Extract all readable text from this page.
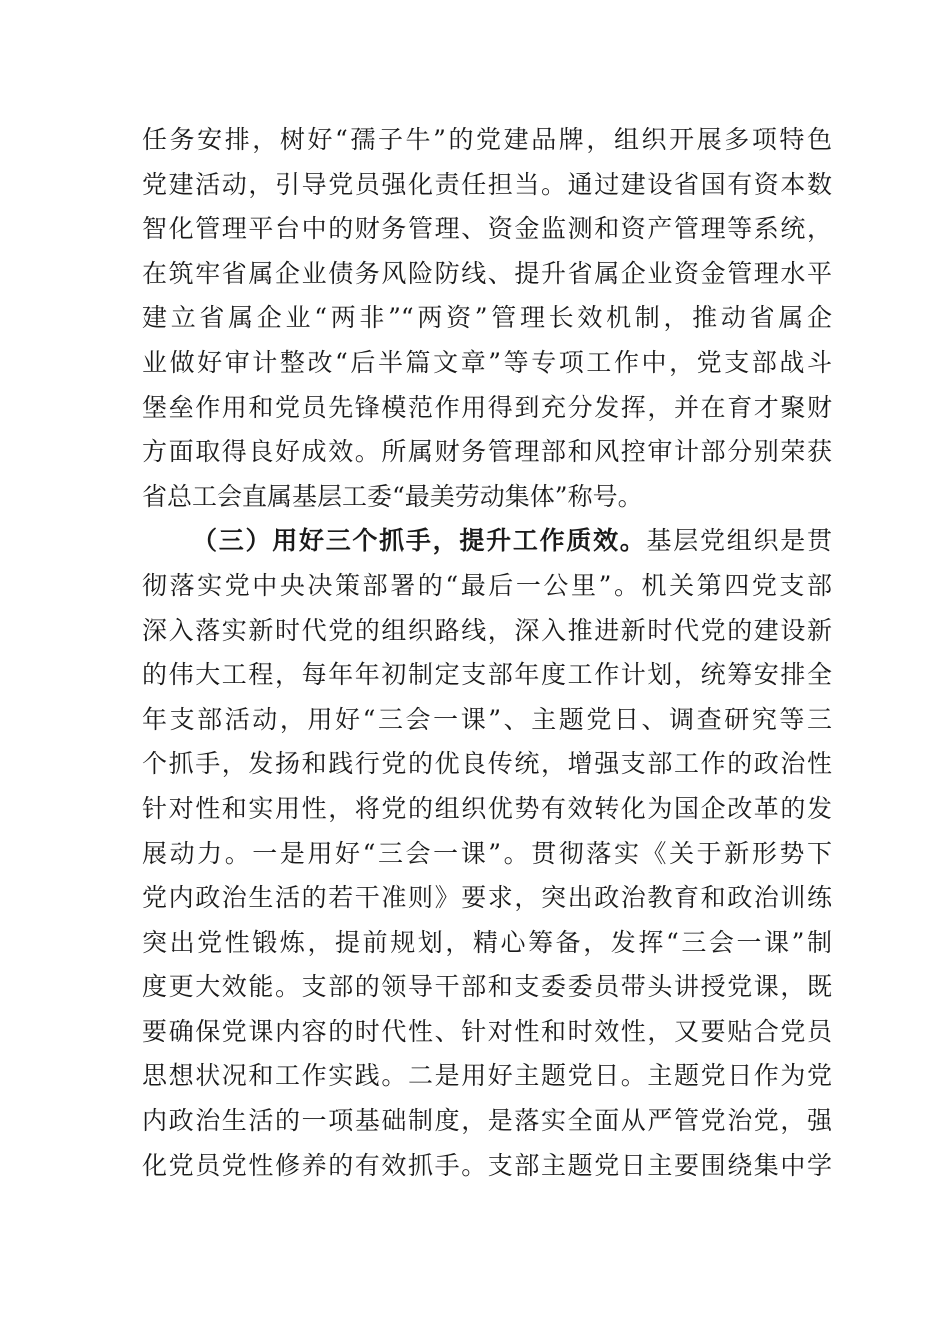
任务安排，树好“孺子牛”的党建品牌，组织开展多项特色
党建活动，引导党员强化责任担当。通过建设省国有资本数
智化管理平台中的财务管理、资金监测和资产管理等系统，
在筑牢省属企业债务风险防线、提升省属企业资金管理水平
建立省属企业“两非”“两资”管理长效机制，推动省属企
业做好审计整改“后半篇文章”等专项工作中，党支部战斗
堡垒作用和党员先锋模范作用得到充分发挥，并在育才聚财
方面取得良好成效。所属财务管理部和风控审计部分别荣获
省总工会直属基层工委“最美劳动集体”称号。
（三）用好三个抓手，提升工作质效。基层党组织是贯
彻落实党中央决策部署的“最后一公里”。机关第四党支部
深入落实新时代党的组织路线，深入推进新时代党的建设新
的伟大工程，每年年初制定支部年度工作计划，统筹安排全
年支部活动，用好“三会一课”、主题党日、调查研究等三
个抓手，发扬和践行党的优良传统，增强支部工作的政治性
针对性和实用性，将党的组织优势有效转化为国企改革的发
展动力。一是用好“三会一课”。贯彻落实《关于新形势下
党内政治生活的若干准则》要求，突出政治教育和政治训练
突出党性锻炼，提前规划，精心筹备，发挥“三会一课”制
度更大效能。支部的领导干部和支委委员带头讲授党课，既
要确保党课内容的时代性、针对性和时效性，又要贴合党员
思想状况和工作实践。二是用好主题党日。主题党日作为党
内政治生活的一项基础制度，是落实全面从严管党治党，强
化党员党性修养的有效抓手。支部主题党日主要围绕集中学
